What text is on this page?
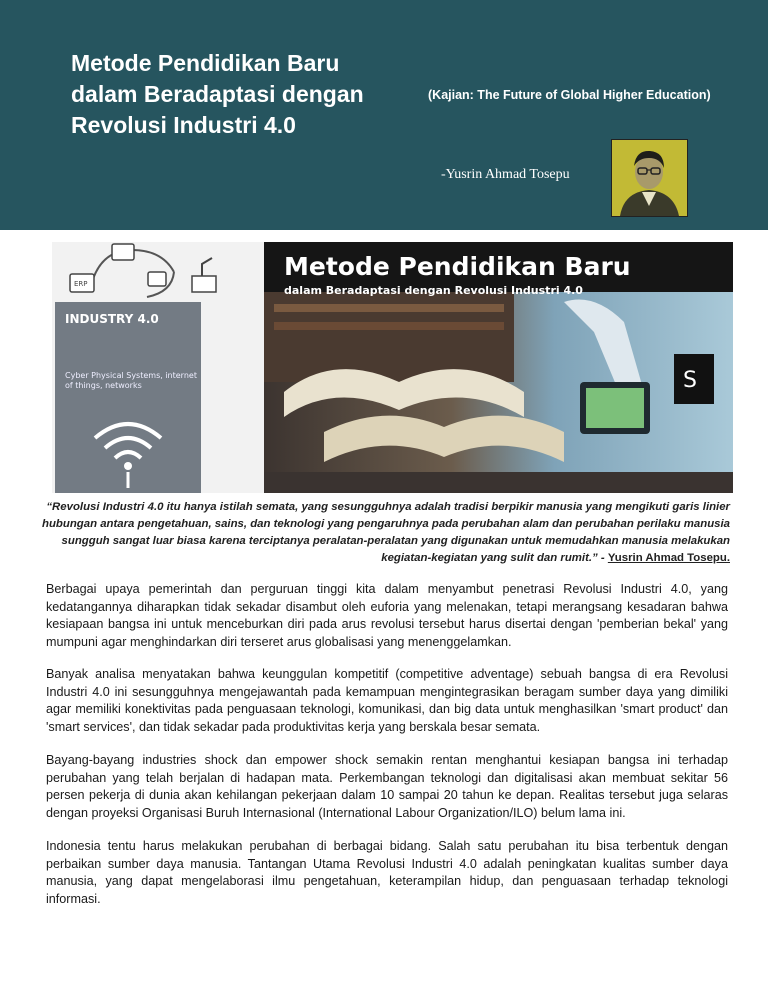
Metode Pendidikan Baru
dalam Beradaptasi dengan
Revolusi Industri 4.0
(Kajian: The Future of Global Higher Education)
-Yusrin Ahmad Tosepu
ERP
INDUSTRY 4.0
Cyber Physical Systems, internet of things, networks	S
Metode Pendidikan Baru
dalam Beradaptasi dengan Revolusi Industri 4.0
“Revolusi Industri 4.0 itu hanya istilah semata, yang sesungguhnya adalah tradisi berpikir manusia yang mengikuti garis linier hubungan antara pengetahuan, sains, dan teknologi yang pengaruhnya pada perubahan alam dan perubahan perilaku manusia sungguh sangat luar biasa karena terciptanya peralatan-peralatan yang digunakan untuk memudahkan manusia melakukan kegiatan-kegiatan yang sulit dan rumit.” - Yusrin Ahmad Tosepu.

Berbagai upaya pemerintah dan perguruan tinggi kita dalam menyambut penetrasi Revolusi Industri 4.0, yang kedatangannya diharapkan tidak sekadar disambut oleh euforia yang melenakan, tetapi merangsang kesadaran bahwa kesiapaan bangsa ini untuk menceburkan diri pada arus revolusi tersebut harus disertai dengan 'pemberian bekal' yang mumpuni agar menghindarkan diri terseret arus globalisasi yang menenggelamkan.

Banyak analisa menyatakan bahwa keunggulan kompetitif (competitive adventage) sebuah bangsa di era Revolusi Industri 4.0 ini sesungguhnya mengejawantah pada kemampuan mengintegrasikan beragam sumber daya yang dimiliki agar memiliki konektivitas pada penguasaan teknologi, komunikasi, dan big data untuk menghasilkan 'smart product' dan 'smart services', dan tidak sekadar pada produktivitas kerja yang berskala besar semata.

Bayang-bayang industries shock dan empower shock semakin rentan menghantui kesiapan bangsa ini terhadap perubahan yang telah berjalan di hadapan mata. Perkembangan teknologi dan digitalisasi akan membuat sekitar 56 persen pekerja di dunia akan kehilangan pekerjaan dalam 10 sampai 20 tahun ke depan. Realitas tersebut juga selaras dengan proyeksi Organisasi Buruh Internasional (International Labour Organization/ILO) belum lama ini.

Indonesia tentu harus melakukan perubahan di berbagai bidang. Salah satu perubahan itu bisa terbentuk dengan perbaikan sumber daya manusia. Tantangan Utama Revolusi Industri 4.0 adalah peningkatan kualitas sumber daya manusia, yang dapat mengelaborasi ilmu pengetahuan, keterampilan hidup, dan penguasaan terhadap teknologi informasi.
